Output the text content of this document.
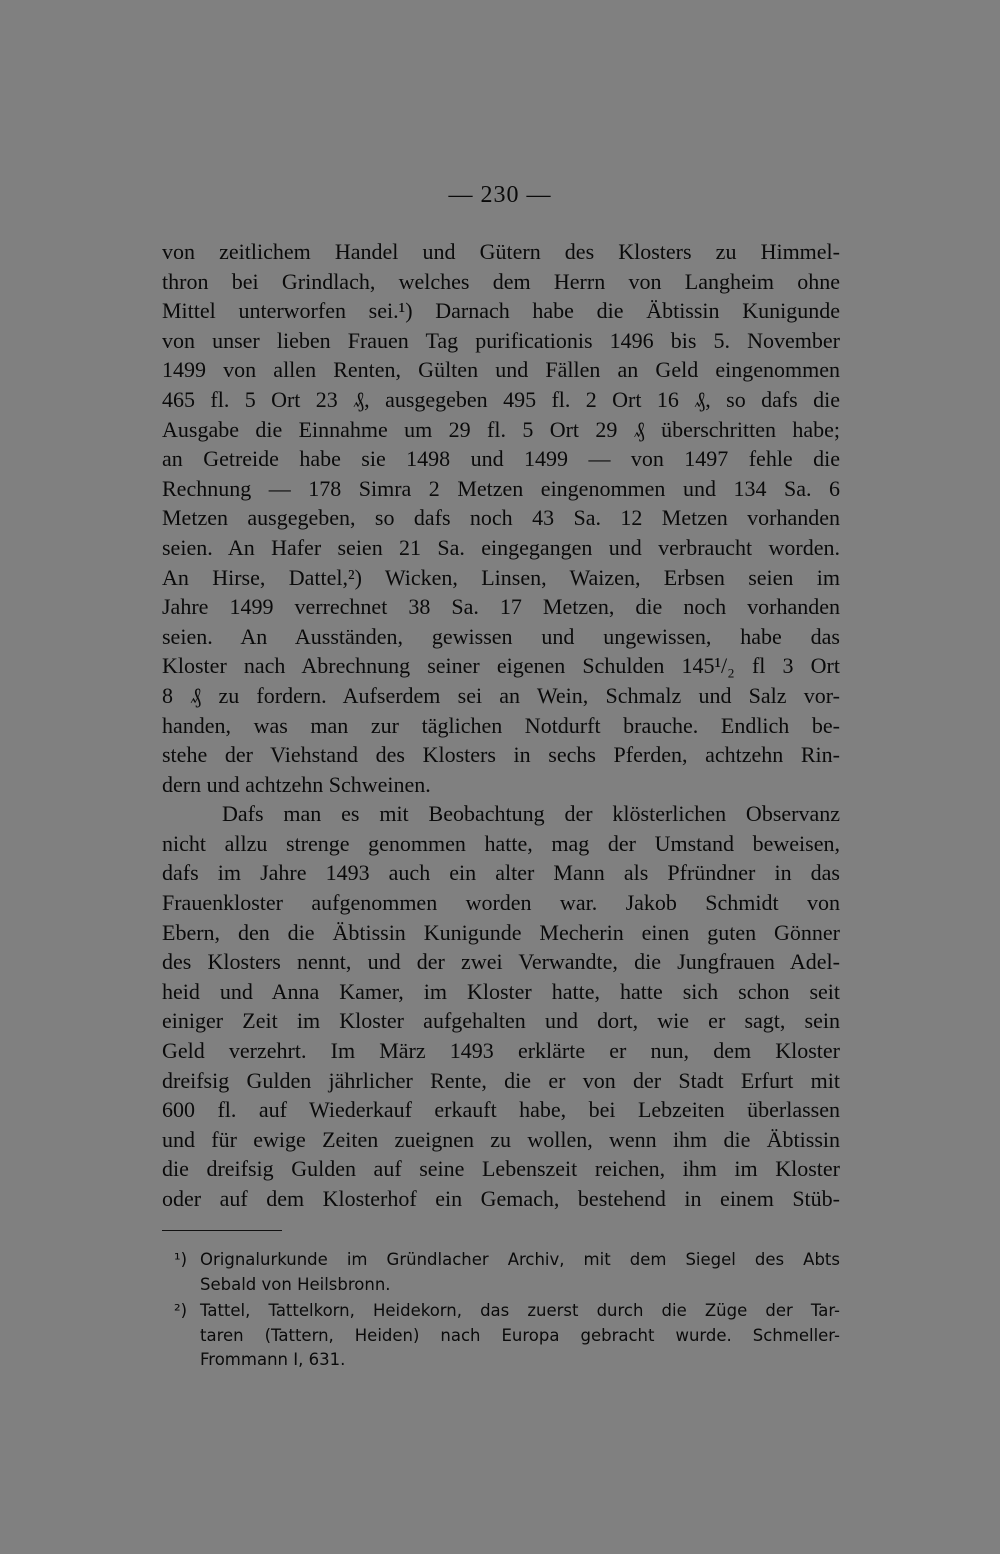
— 230 —
von zeitlichem Handel und Gütern des Klosters zu Himmel-
thron bei Grindlach, welches dem Herrn von Langheim ohne
Mittel unterworfen sei.¹) Darnach habe die Äbtissin Kunigunde
von unser lieben Frauen Tag purificationis 1496 bis 5. November
1499 von allen Renten, Gülten und Fällen an Geld eingenommen
465 fl. 5 Ort 23 ₰, ausgegeben 495 fl. 2 Ort 16 ₰, so dafs die
Ausgabe die Einnahme um 29 fl. 5 Ort 29 ₰ überschritten habe;
an Getreide habe sie 1498 und 1499 — von 1497 fehle die
Rechnung — 178 Simra 2 Metzen eingenommen und 134 Sa. 6
Metzen ausgegeben, so dafs noch 43 Sa. 12 Metzen vorhanden
seien. An Hafer seien 21 Sa. eingegangen und verbraucht worden.
An Hirse, Dattel,²) Wicken, Linsen, Waizen, Erbsen seien im
Jahre 1499 verrechnet 38 Sa. 17 Metzen, die noch vorhanden
seien. An Ausständen, gewissen und ungewissen, habe das
Kloster nach Abrechnung seiner eigenen Schulden 145¹/₂ fl 3 Ort
8 ₰ zu fordern. Aufserdem sei an Wein, Schmalz und Salz vor-
handen, was man zur täglichen Notdurft brauche. Endlich be-
stehe der Viehstand des Klosters in sechs Pferden, achtzehn Rin-
dern und achtzehn Schweinen.
Dafs man es mit Beobachtung der klösterlichen Observanz
nicht allzu strenge genommen hatte, mag der Umstand beweisen,
dafs im Jahre 1493 auch ein alter Mann als Pfründner in das
Frauenkloster aufgenommen worden war. Jakob Schmidt von
Ebern, den die Äbtissin Kunigunde Mecherin einen guten Gönner
des Klosters nennt, und der zwei Verwandte, die Jungfrauen Adel-
heid und Anna Kamer, im Kloster hatte, hatte sich schon seit
einiger Zeit im Kloster aufgehalten und dort, wie er sagt, sein
Geld verzehrt. Im März 1493 erklärte er nun, dem Kloster
dreifsig Gulden jährlicher Rente, die er von der Stadt Erfurt mit
600 fl. auf Wiederkauf erkauft habe, bei Lebzeiten überlassen
und für ewige Zeiten zueignen zu wollen, wenn ihm die Äbtissin
die dreifsig Gulden auf seine Lebenszeit reichen, ihm im Kloster
oder auf dem Klosterhof ein Gemach, bestehend in einem Stüb-
¹) Orignalurkunde im Gründlacher Archiv, mit dem Siegel des Abts
Sebald von Heilsbronn.
²) Tattel, Tattelkorn, Heidekorn, das zuerst durch die Züge der Tar-
taren (Tattern, Heiden) nach Europa gebracht wurde. Schmeller-
Frommann I, 631.
